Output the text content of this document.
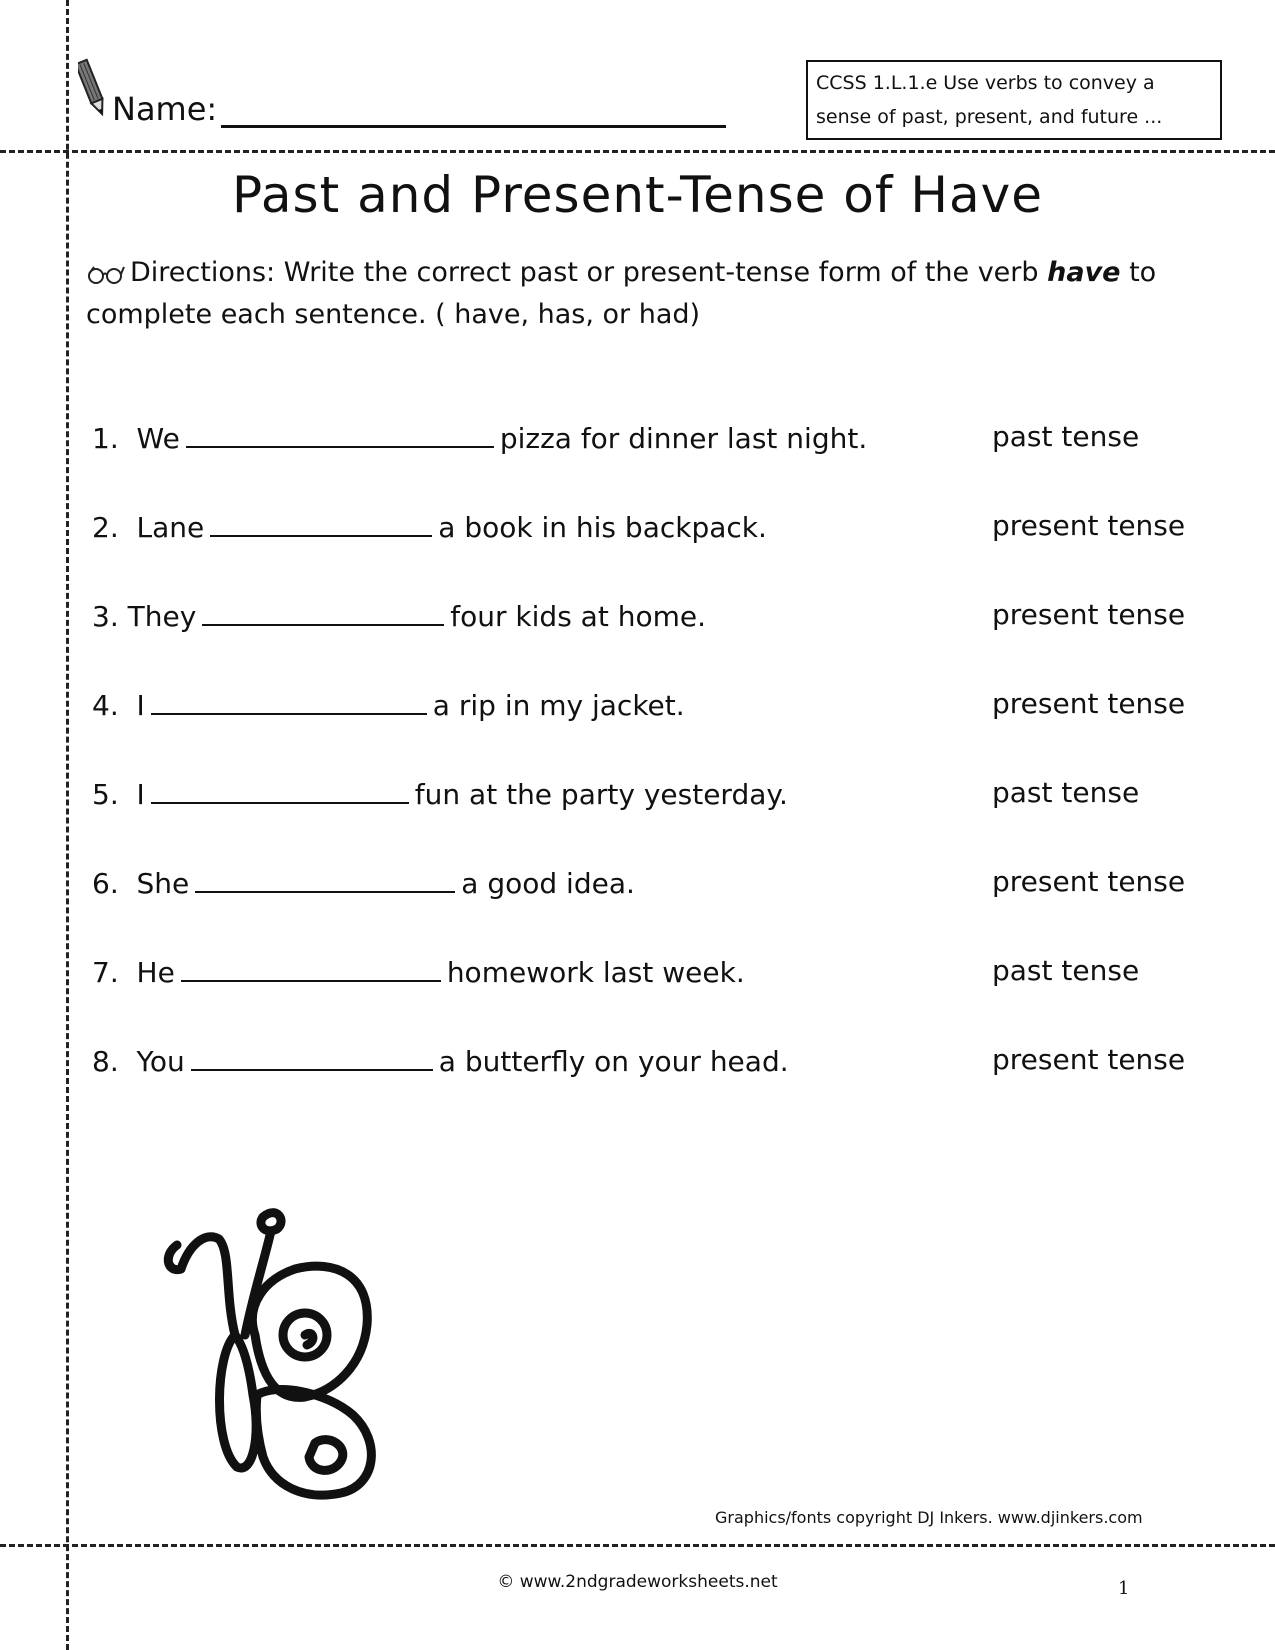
Name:
CCSS 1.L.1.e Use verbs to convey a sense of past, present, and future ...
Past and Present-Tense of Have
Directions: Write the correct past or present-tense form of the verb have to complete each sentence. ( have, has, or had)
1. We	pizza for dinner last night.	past tense
2. Lane	a book in his backpack.	present tense
3. They	four kids at home.	present tense
4. I	a rip in my jacket.	present tense
5. I	fun at the party yesterday.	past tense
6. She	a good idea.	present tense
7. He	homework last week.	past tense
8. You	a butterfly on your head.	present tense
Graphics/fonts copyright DJ Inkers. www.djinkers.com
© www.2ndgradeworksheets.net	1
